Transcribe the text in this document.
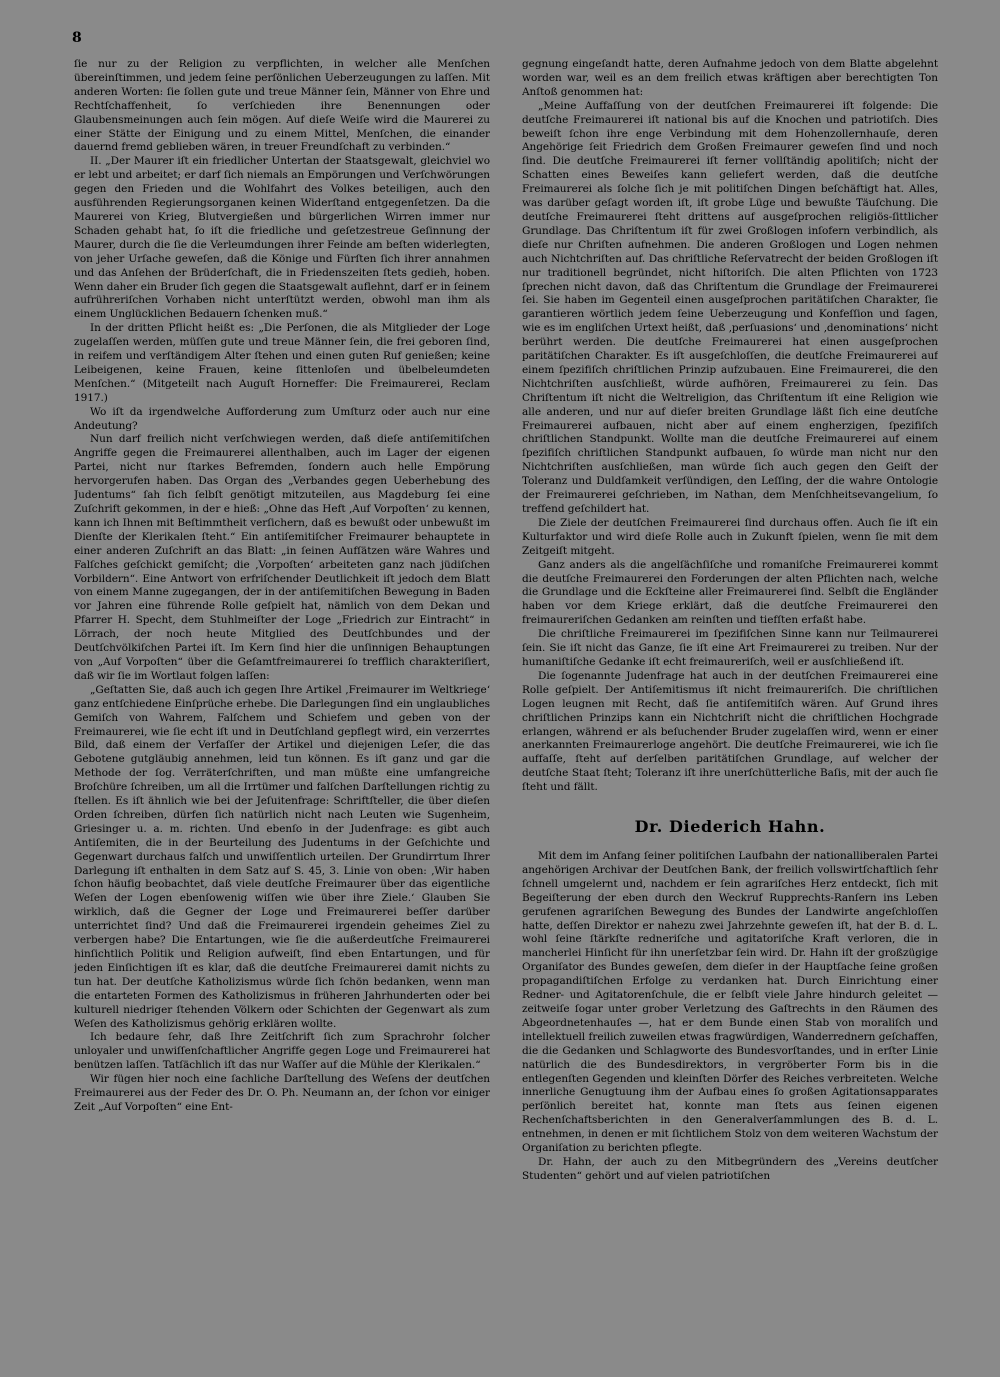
8

ſie nur zu der Religion zu verpflichten, in welcher alle Menſchen übereinſtimmen, und jedem ſeine perſönlichen Ueberzeugungen zu laſſen. Mit anderen Worten: ſie ſollen gute und treue Männer ſein, Männer von Ehre und Rechtſchaffenheit, ſo verſchieden ihre Benennungen oder Glaubensmeinungen auch ſein mögen. Auf dieſe Weiſe wird die Maurerei zu einer Stätte der Einigung und zu einem Mittel, Menſchen, die einander dauernd fremd geblieben wären, in treuer Freundſchaft zu verbinden.“

II. „Der Maurer iſt ein friedlicher Untertan der Staatsgewalt, gleichviel wo er lebt und arbeitet; er darf ſich niemals an Empörungen und Verſchwörungen gegen den Frieden und die Wohlfahrt des Volkes beteiligen, auch den ausführenden Regierungsorganen keinen Widerſtand entgegenſetzen. Da die Maurerei von Krieg, Blutvergießen und bürgerlichen Wirren immer nur Schaden gehabt hat, ſo iſt die friedliche und geſetzestreue Geſinnung der Maurer, durch die ſie die Verleumdungen ihrer Feinde am beſten widerlegten, von jeher Urſache geweſen, daß die Könige und Fürſten ſich ihrer annahmen und das Anſehen der Brüderſchaft, die in Friedenszeiten ſtets gedieh, hoben. Wenn daher ein Bruder ſich gegen die Staatsgewalt auflehnt, darf er in ſeinem aufrühreriſchen Vorhaben nicht unterſtützt werden, obwohl man ihm als einem Unglücklichen Bedauern ſchenken muß.“

In der dritten Pflicht heißt es: „Die Perſonen, die als Mitglieder der Loge zugelaſſen werden, müſſen gute und treue Männer ſein, die frei geboren ſind, in reifem und verſtändigem Alter ſtehen und einen guten Ruf genießen; keine Leibeigenen, keine Frauen, keine ſittenloſen und übelbeleumdeten Menſchen.“ (Mitgeteilt nach Auguſt Horneffer: Die Freimaurerei, Reclam 1917.)

Wo iſt da irgendwelche Aufforderung zum Umſturz oder auch nur eine Andeutung?

Nun darf freilich nicht verſchwiegen werden, daß dieſe antiſemitiſchen Angriffe gegen die Freimaurerei allenthalben, auch im Lager der eigenen Partei, nicht nur ſtarkes Befremden, ſondern auch helle Empörung hervorgerufen haben. Das Organ des „Verbandes gegen Ueberhebung des Judentums“ ſah ſich ſelbſt genötigt mitzuteilen, aus Magdeburg ſei eine Zuſchrift gekommen, in der e hieß: „Ohne das Heft ‚Auf Vorpoſten‘ zu kennen, kann ich Ihnen mit Beſtimmtheit verſichern, daß es bewußt oder unbewußt im Dienſte der Klerikalen ſteht.“ Ein antiſemitiſcher Freimaurer behauptete in einer anderen Zuſchrift an das Blatt: „in ſeinen Aufſätzen wäre Wahres und Falſches geſchickt gemiſcht; die ‚Vorpoſten‘ arbeiteten ganz nach jüdiſchen Vorbildern“. Eine Antwort von erfriſchender Deutlichkeit iſt jedoch dem Blatt von einem Manne zugegangen, der in der antiſemitiſchen Bewegung in Baden vor Jahren eine führende Rolle geſpielt hat, nämlich von dem Dekan und Pfarrer H. Specht, dem Stuhlmeiſter der Loge „Friedrich zur Eintracht“ in Lörrach, der noch heute Mitglied des Deutſchbundes und der Deutſchvölkiſchen Partei iſt. Im Kern ſind hier die unſinnigen Behauptungen von „Auf Vorpoſten“ über die Geſamtfreimaurerei ſo trefflich charakteriſiert, daß wir ſie im Wortlaut folgen laſſen:

„Geſtatten Sie, daß auch ich gegen Ihre Artikel ‚Freimaurer im Weltkriege‘ ganz entſchiedene Einſprüche erhebe. Die Darlegungen ſind ein unglaubliches Gemiſch von Wahrem, Falſchem und Schiefem und geben von der Freimaurerei, wie ſie echt iſt und in Deutſchland gepflegt wird, ein verzerrtes Bild, daß einem der Verfaſſer der Artikel und diejenigen Leſer, die das Gebotene gutgläubig annehmen, leid tun können. Es iſt ganz und gar die Methode der ſog. Verräterſchriften, und man müßte eine umfangreiche Broſchüre ſchreiben, um all die Irrtümer und falſchen Darſtellungen richtig zu ſtellen. Es iſt ähnlich wie bei der Jeſuitenfrage: Schriftſteller, die über dieſen Orden ſchreiben, dürfen ſich natürlich nicht nach Leuten wie Sugenheim, Griesinger u. a. m. richten. Und ebenſo in der Judenfrage: es gibt auch Antiſemiten, die in der Beurteilung des Judentums in der Geſchichte und Gegenwart durchaus falſch und unwiſſentlich urteilen. Der Grundirrtum Ihrer Darlegung iſt enthalten in dem Satz auf S. 45, 3. Linie von oben: ‚Wir haben ſchon häufig beobachtet, daß viele deutſche Freimaurer über das eigentliche Weſen der Logen ebenſowenig wiſſen wie über ihre Ziele.‘ Glauben Sie wirklich, daß die Gegner der Loge und Freimaurerei beſſer darüber unterrichtet ſind? Und daß die Freimaurerei irgendein geheimes Ziel zu verbergen habe? Die Entartungen, wie ſie die außerdeutſche Freimaurerei hinſichtlich Politik und Religion aufweiſt, ſind eben Entartungen, und für jeden Einſichtigen iſt es klar, daß die deutſche Freimaurerei damit nichts zu tun hat. Der deutſche Katholizismus würde ſich ſchön bedanken, wenn man die entarteten Formen des Katholizismus in früheren Jahrhunderten oder bei kulturell niedriger ſtehenden Völkern oder Schichten der Gegenwart als zum Weſen des Katholizismus gehörig erklären wollte.

Ich bedaure ſehr, daß Ihre Zeitſchrift ſich zum Sprachrohr ſolcher unloyaler und unwiſſenſchaftlicher Angriffe gegen Loge und Freimaurerei hat benützen laſſen. Tatſächlich iſt das nur Waſſer auf die Mühle der Klerikalen.“

Wir fügen hier noch eine ſachliche Darſtellung des Weſens der deutſchen Freimaurerei aus der Feder des Dr. O. Ph. Neumann an, der ſchon vor einiger Zeit „Auf Vorpoſten“ eine Ent-

gegnung eingeſandt hatte, deren Aufnahme jedoch von dem Blatte abgelehnt worden war, weil es an dem freilich etwas kräftigen aber berechtigten Ton Anſtoß genommen hat:

„Meine Auffaſſung von der deutſchen Freimaurerei iſt folgende: Die deutſche Freimaurerei iſt national bis auf die Knochen und patriotiſch. Dies beweiſt ſchon ihre enge Verbindung mit dem Hohenzollernhauſe, deren Angehörige ſeit Friedrich dem Großen Freimaurer geweſen ſind und noch ſind. Die deutſche Freimaurerei iſt ferner vollſtändig apolitiſch; nicht der Schatten eines Beweiſes kann geliefert werden, daß die deutſche Freimaurerei als ſolche ſich je mit politiſchen Dingen beſchäftigt hat. Alles, was darüber geſagt worden iſt, iſt grobe Lüge und bewußte Täuſchung. Die deutſche Freimaurerei ſteht drittens auf ausgeſprochen religiös-ſittlicher Grundlage. Das Chriſtentum iſt für zwei Großlogen inſofern verbindlich, als dieſe nur Chriſten aufnehmen. Die anderen Großlogen und Logen nehmen auch Nichtchriſten auf. Das chriſtliche Reſervatrecht der beiden Großlogen iſt nur traditionell begründet, nicht hiſtoriſch. Die alten Pflichten von 1723 ſprechen nicht davon, daß das Chriſtentum die Grundlage der Freimaurerei ſei. Sie haben im Gegenteil einen ausgeſprochen paritätiſchen Charakter, ſie garantieren wörtlich jedem ſeine Ueberzeugung und Konfeſſion und ſagen, wie es im engliſchen Urtext heißt, daß ‚perſuasions‘ und ‚denominations‘ nicht berührt werden. Die deutſche Freimaurerei hat einen ausgeſprochen paritätiſchen Charakter. Es iſt ausgeſchloſſen, die deutſche Freimaurerei auf einem ſpezifiſch chriſtlichen Prinzip aufzubauen. Eine Freimaurerei, die den Nichtchriſten ausſchließt, würde aufhören, Freimaurerei zu ſein. Das Chriſtentum iſt nicht die Weltreligion, das Chriſtentum iſt eine Religion wie alle anderen, und nur auf dieſer breiten Grundlage läßt ſich eine deutſche Freimaurerei aufbauen, nicht aber auf einem engherzigen, ſpezifiſch chriſtlichen Standpunkt. Wollte man die deutſche Freimaurerei auf einem ſpezifiſch chriſtlichen Standpunkt aufbauen, ſo würde man nicht nur den Nichtchriſten ausſchließen, man würde ſich auch gegen den Geiſt der Toleranz und Duldſamkeit verſündigen, den Leſſing, der die wahre Ontologie der Freimaurerei geſchrieben, im Nathan, dem Menſchheitsevangelium, ſo treffend geſchildert hat.

Die Ziele der deutſchen Freimaurerei ſind durchaus offen. Auch ſie iſt ein Kulturfaktor und wird dieſe Rolle auch in Zukunft ſpielen, wenn ſie mit dem Zeitgeiſt mitgeht.

Ganz anders als die angelſächſiſche und romaniſche Freimaurerei kommt die deutſche Freimaurerei den Forderungen der alten Pflichten nach, welche die Grundlage und die Eckſteine aller Freimaurerei ſind. Selbſt die Engländer haben vor dem Kriege erklärt, daß die deutſche Freimaurerei den freimaureriſchen Gedanken am reinſten und tiefſten erfaßt habe.

Die chriſtliche Freimaurerei im ſpezifiſchen Sinne kann nur Teilmaurerei ſein. Sie iſt nicht das Ganze, ſie iſt eine Art Freimaurerei zu treiben. Nur der humaniſtiſche Gedanke iſt echt freimaureriſch, weil er ausſchließend iſt.

Die ſogenannte Judenfrage hat auch in der deutſchen Freimaurerei eine Rolle geſpielt. Der Antiſemitismus iſt nicht freimaureriſch. Die chriſtlichen Logen leugnen mit Recht, daß ſie antiſemitiſch wären. Auf Grund ihres chriſtlichen Prinzips kann ein Nichtchriſt nicht die chriſtlichen Hochgrade erlangen, während er als beſuchender Bruder zugelaſſen wird, wenn er einer anerkannten Freimaurerloge angehört. Die deutſche Freimaurerei, wie ich ſie auffaſſe, ſteht auf derſelben paritätiſchen Grundlage, auf welcher der deutſche Staat ſteht; Toleranz iſt ihre unerſchütterliche Baſis, mit der auch ſie ſteht und fällt.

Dr. Diederich Hahn.

Mit dem im Anfang ſeiner politiſchen Laufbahn der nationalliberalen Partei angehörigen Archivar der Deutſchen Bank, der freilich vollswirtſchaftlich ſehr ſchnell umgelernt und, nachdem er ſein agrariſches Herz entdeckt, ſich mit Begeiſterung der eben durch den Weckruf Rupprechts-Ranſern ins Leben gerufenen agrariſchen Bewegung des Bundes der Landwirte angeſchloſſen hatte, deſſen Direktor er nahezu zwei Jahrzehnte geweſen iſt, hat der B. d. L. wohl ſeine ſtärkſte redneriſche und agitatoriſche Kraft verloren, die in mancherlei Hinſicht für ihn unerſetzbar ſein wird. Dr. Hahn iſt der großzügige Organiſator des Bundes geweſen, dem dieſer in der Hauptſache ſeine großen propagandiſtiſchen Erfolge zu verdanken hat. Durch Einrichtung einer Redner- und Agitatorenſchule, die er ſelbſt viele Jahre hindurch geleitet — zeitweiſe ſogar unter grober Verletzung des Gaſtrechts in den Räumen des Abgeordnetenhauſes —, hat er dem Bunde einen Stab von moraliſch und intellektuell freilich zuweilen etwas fragwürdigen, Wanderrednern geſchaffen, die die Gedanken und Schlagworte des Bundesvorſtandes, und in erſter Linie natürlich die des Bundesdirektors, in vergröberter Form bis in die entlegenſten Gegenden und kleinſten Dörfer des Reiches verbreiteten. Welche innerliche Genugtuung ihm der Aufbau eines ſo großen Agitationsapparates perſönlich bereitet hat, konnte man ſtets aus ſeinen eigenen Rechenſchaftsberichten in den Generalverſammlungen des B. d. L. entnehmen, in denen er mit ſichtlichem Stolz von dem weiteren Wachstum der Organiſation zu berichten pflegte.

Dr. Hahn, der auch zu den Mitbegründern des „Vereins deutſcher Studenten“ gehört und auf vielen patriotiſchen
